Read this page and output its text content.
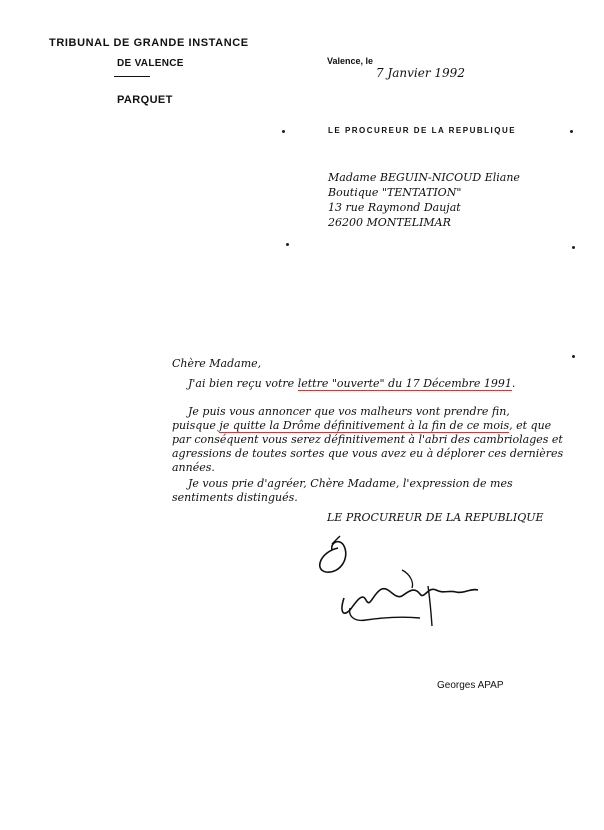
TRIBUNAL DE GRANDE INSTANCE
DE VALENCE
PARQUET
Valence, le
7 Janvier 1992
LE PROCUREUR DE LA REPUBLIQUE
Madame BEGUIN-NICOUD Eliane
Boutique "TENTATION"
13 rue Raymond Daujat
26200 MONTELIMAR
Chère Madame,
J'ai bien reçu votre lettre "ouverte" du 17 Décembre 1991.
Je puis vous annoncer que vos malheurs vont prendre fin,
puisque je quitte la Drôme définitivement à la fin de ce mois, et que
par conséquent vous serez définitivement à l'abri des cambriolages et
agressions de toutes sortes que vous avez eu à déplorer ces dernières
années.
Je vous prie d'agréer, Chère Madame, l'expression de mes
sentiments distingués.
LE PROCUREUR DE LA REPUBLIQUE
Georges APAP
